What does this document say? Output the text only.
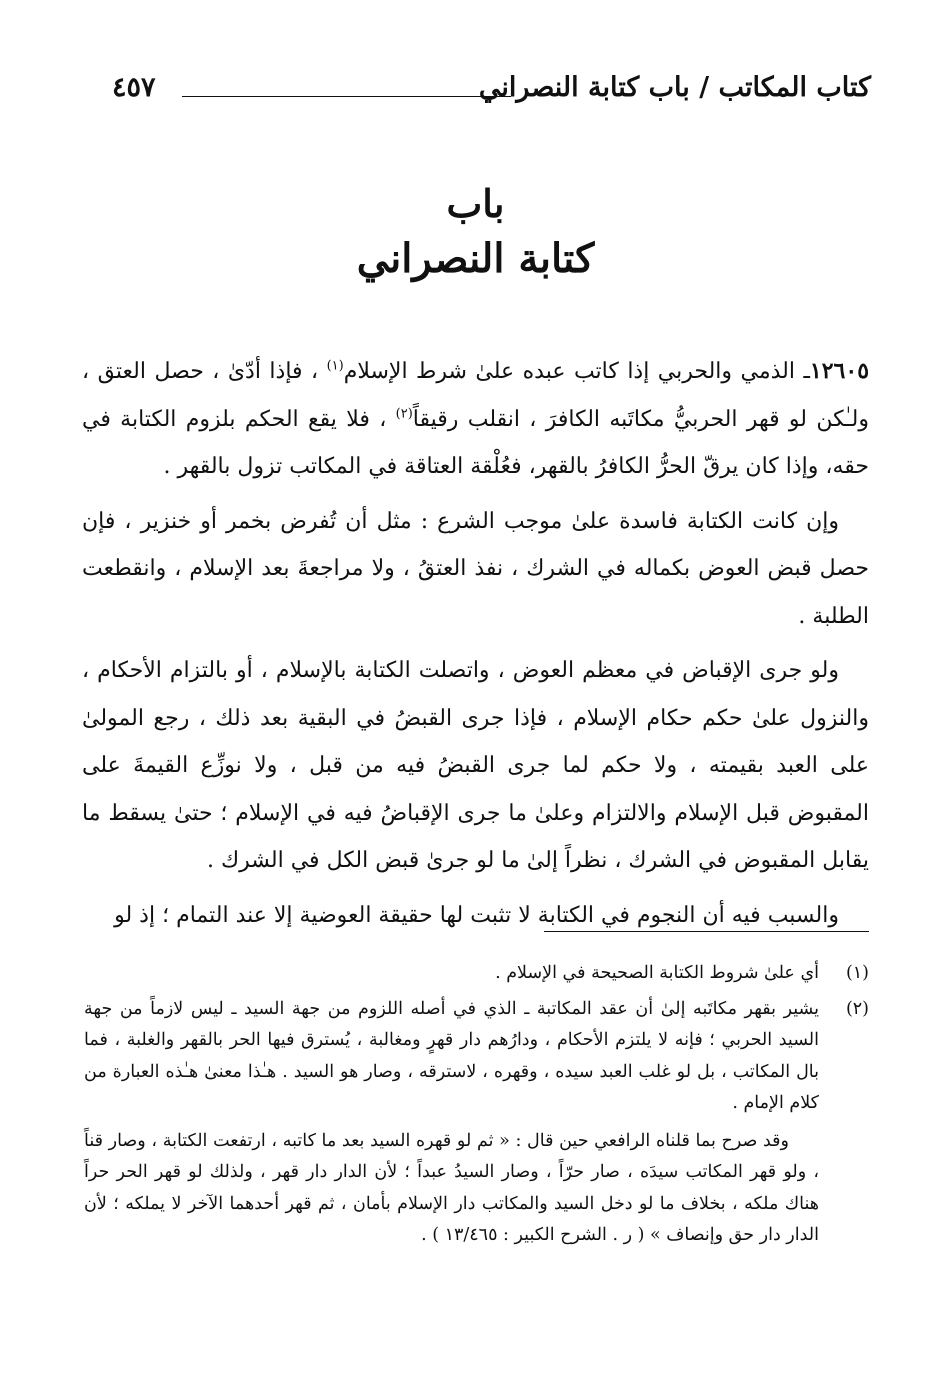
كتاب المكاتب / باب كتابة النصراني
٤٥٧
باب
كتابة النصراني

١٢٦٠٥ـ الذمي والحربي إذا كاتب عبده علىٰ شرط الإسلام$^{(١)}$ ، فإذا أدّىٰ ، حصل العتق ، ولـٰكن لو قهر الحربيُّ مكاتَبه الكافرَ ، انقلب رقيقاً$^{(٢)}$ ، فلا يقع الحكم بلزوم الكتابة في حقه، وإذا كان يرقّ الحرُّ الكافرُ بالقهر، فعُلْقة العتاقة في المكاتب تزول بالقهر .

وإن كانت الكتابة فاسدة علىٰ موجب الشرع : مثل أن تُفرض بخمر أو خنزير ، فإن حصل قبض العوض بكماله في الشرك ، نفذ العتقُ ، ولا مراجعةَ بعد الإسلام ، وانقطعت الطلبة .

ولو جرى الإقباض في معظم العوض ، واتصلت الكتابة بالإسلام ، أو بالتزام الأحكام ، والنزول علىٰ حكم حكام الإسلام ، فإذا جرى القبضُ في البقية بعد ذلك ، رجع المولىٰ على العبد بقيمته ، ولا حكم لما جرى القبضُ فيه من قبل ، ولا نوزِّع القيمةَ على المقبوض قبل الإسلام والالتزام وعلىٰ ما جرى الإقباضُ فيه في الإسلام ؛ حتىٰ يسقط ما يقابل المقبوض في الشرك ، نظراً إلىٰ ما لو جرىٰ قبض الكل في الشرك .

والسبب فيه أن النجوم في الكتابة لا تثبت لها حقيقة العوضية إلا عند التمام ؛ إذ لو

(١)

أي علىٰ شروط الكتابة الصحيحة في الإسلام .

(٢)

يشير بقهر مكاتَبه إلىٰ أن عقد المكاتبة ـ الذي في أصله اللزوم من جهة السيد ـ ليس لازماً من جهة السيد الحربي ؛ فإنه لا يلتزم الأحكام ، ودارُهم دار قهرٍ ومغالبة ، يُسترق فيها الحر بالقهر والغلبة ، فما بال المكاتب ، بل لو غلب العبد سيده ، وقهره ، لاسترقه ، وصار هو السيد . هـٰذا معنىٰ هـٰذه العبارة من كلام الإمام .

وقد صرح بما قلناه الرافعي حين قال : « ثم لو قهره السيد بعد ما كاتبه ، ارتفعت الكتابة ، وصار قناً ، ولو قهر المكاتب سيدَه ، صار حرّاً ، وصار السيدُ عبداً ؛ لأن الدار دار قهر ، ولذلك لو قهر الحر حراً هناك ملكه ، بخلاف ما لو دخل السيد والمكاتب دار الإسلام بأمان ، ثم قهر أحدهما الآخر لا يملكه ؛ لأن الدار دار حق وإنصاف » ( ر . الشرح الكبير : ١٣/٤٦٥ ) .
